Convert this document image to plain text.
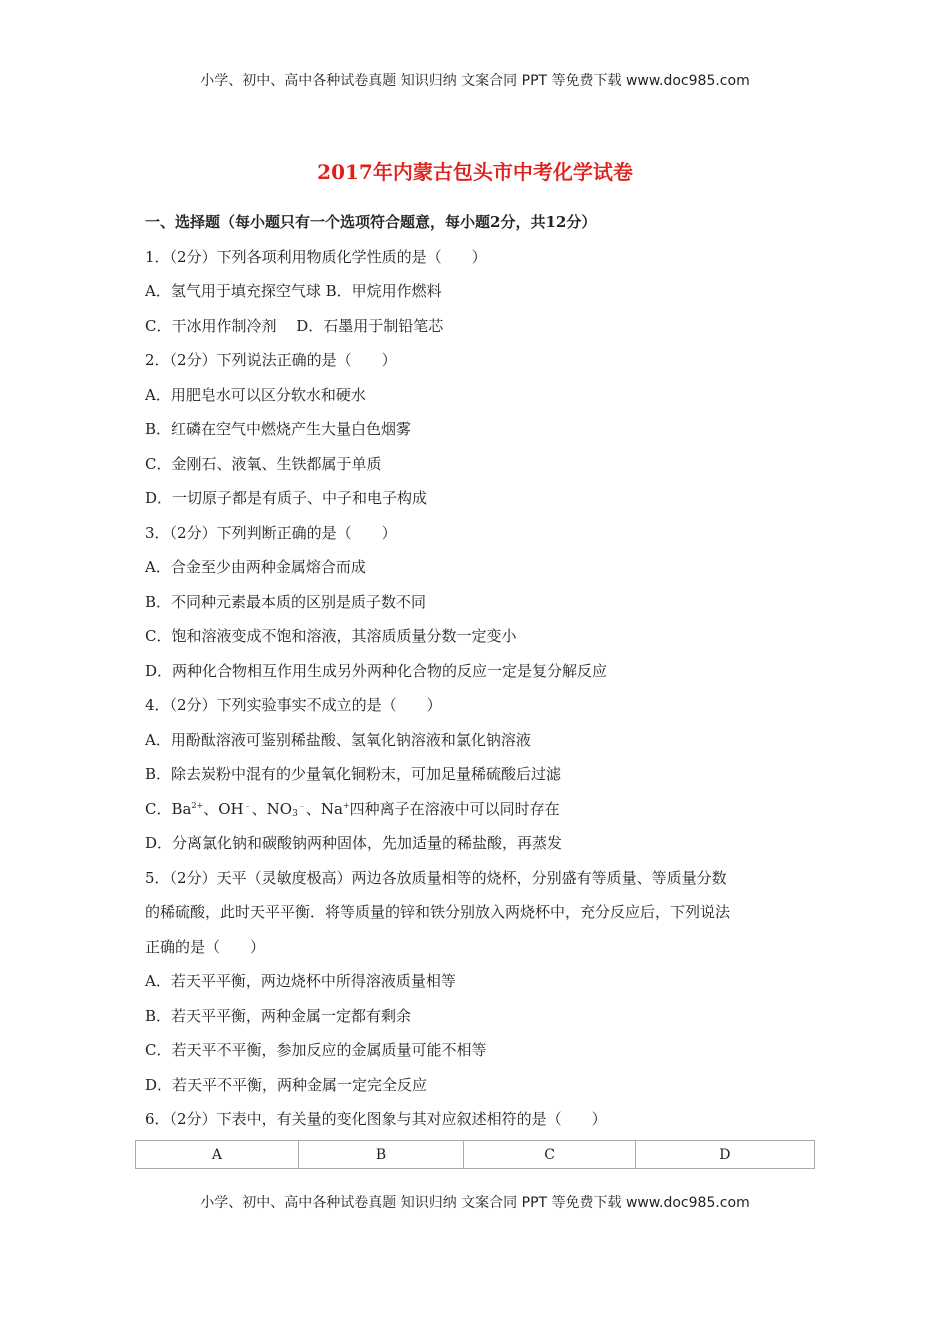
小学、初中、高中各种试卷真题 知识归纳 文案合同 PPT 等免费下载 www.doc985.com
2017年内蒙古包头市中考化学试卷
一、选择题（每小题只有一个选项符合题意，每小题2分，共12分）
1．（2分）下列各项利用物质化学性质的是（　　）
A．氢气用于填充探空气球 B．甲烷用作燃料
C．干冰用作制冷剂　 D．石墨用于制铅笔芯
2．（2分）下列说法正确的是（　　）
A．用肥皂水可以区分软水和硬水
B．红磷在空气中燃烧产生大量白色烟雾
C．金刚石、液氧、生铁都属于单质
D．一切原子都是有质子、中子和电子构成
3．（2分）下列判断正确的是（　　）
A．合金至少由两种金属熔合而成
B．不同种元素最本质的区别是质子数不同
C．饱和溶液变成不饱和溶液，其溶质质量分数一定变小
D．两种化合物相互作用生成另外两种化合物的反应一定是复分解反应
4．（2分）下列实验事实不成立的是（　　）
A．用酚酞溶液可鉴别稀盐酸、氢氧化钠溶液和氯化钠溶液
B．除去炭粉中混有的少量氧化铜粉末，可加足量稀硫酸后过滤
C．$Ba^{2+}$、OH﹣、$NO_3^﹣$、Na+四种离子在溶液中可以同时存在
D．分离氯化钠和碳酸钠两种固体，先加适量的稀盐酸，再蒸发
5．（2分）天平（灵敏度极高）两边各放质量相等的烧杯，分别盛有等质量、等质量分数
的稀硫酸，此时天平平衡．将等质量的锌和铁分别放入两烧杯中，充分反应后，下列说法
正确的是（　　）
A．若天平平衡，两边烧杯中所得溶液质量相等
B．若天平平衡，两种金属一定都有剩余
C．若天平不平衡，参加反应的金属质量可能不相等
D．若天平不平衡，两种金属一定完全反应
6．（2分）下表中，有关量的变化图象与其对应叙述相符的是（　　）
A	B	C	D
小学、初中、高中各种试卷真题 知识归纳 文案合同 PPT 等免费下载 www.doc985.com
